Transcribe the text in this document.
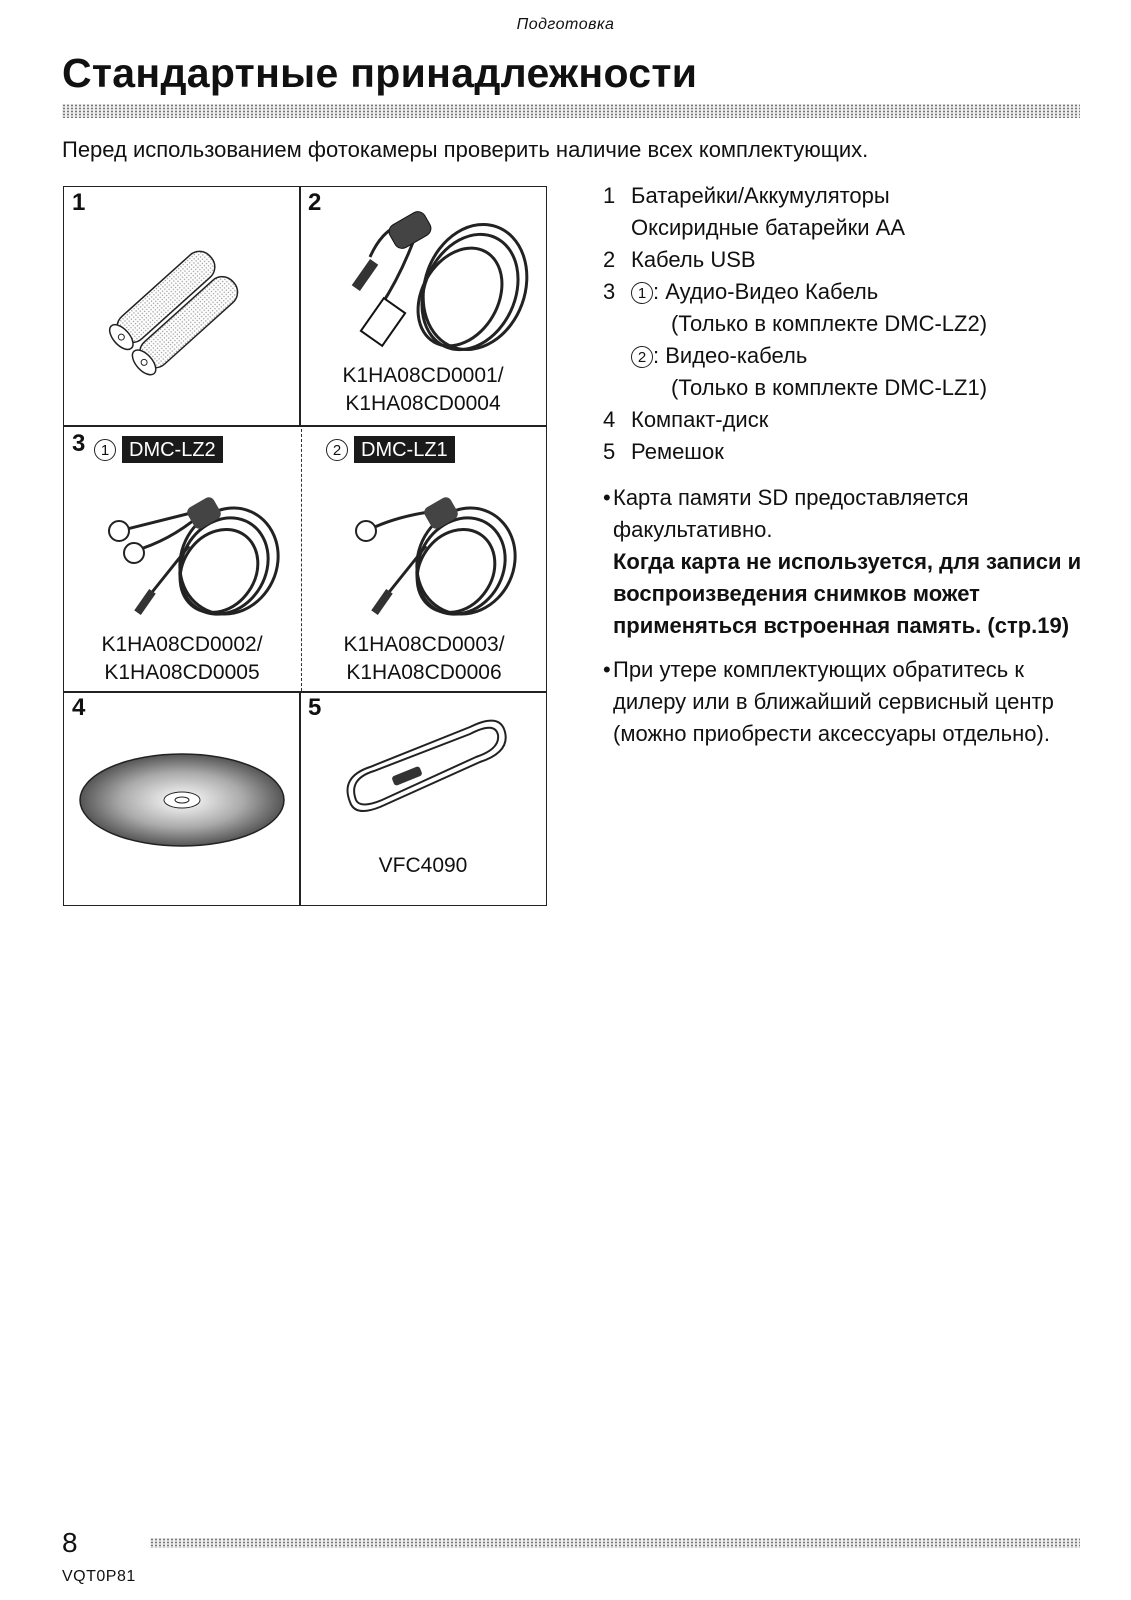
Подготовка
Стандартные принадлежности
Перед использованием фотокамеры проверить наличие всех комплектующих.
1	2
K1HA08CD0001/
K1HA08CD0004
3	1 DMC-LZ2	2 DMC-LZ1
K1HA08CD0002/
K1HA08CD0005
K1HA08CD0003/
K1HA08CD0006
4	5
VFC4090
1 Батарейки/Аккумуляторы
Оксиридные батарейки AA
2 Кабель USB
3	1 : Аудио-Видео Кабель
(Только в комплекте DMC-LZ2)
2 : Видео-кабель
(Только в комплекте DMC-LZ1)
4 Компакт-диск
5 Ремешок
• Карта памяти SD предоставляется факультативно.
Когда карта не используется, для записи и воспроизведения снимков может применяться встроенная память. (стр.19)
• При утере комплектующих обратитесь к дилеру или в ближайший сервисный центр (можно приобрести аксессуары отдельно).
8
VQT0P81
